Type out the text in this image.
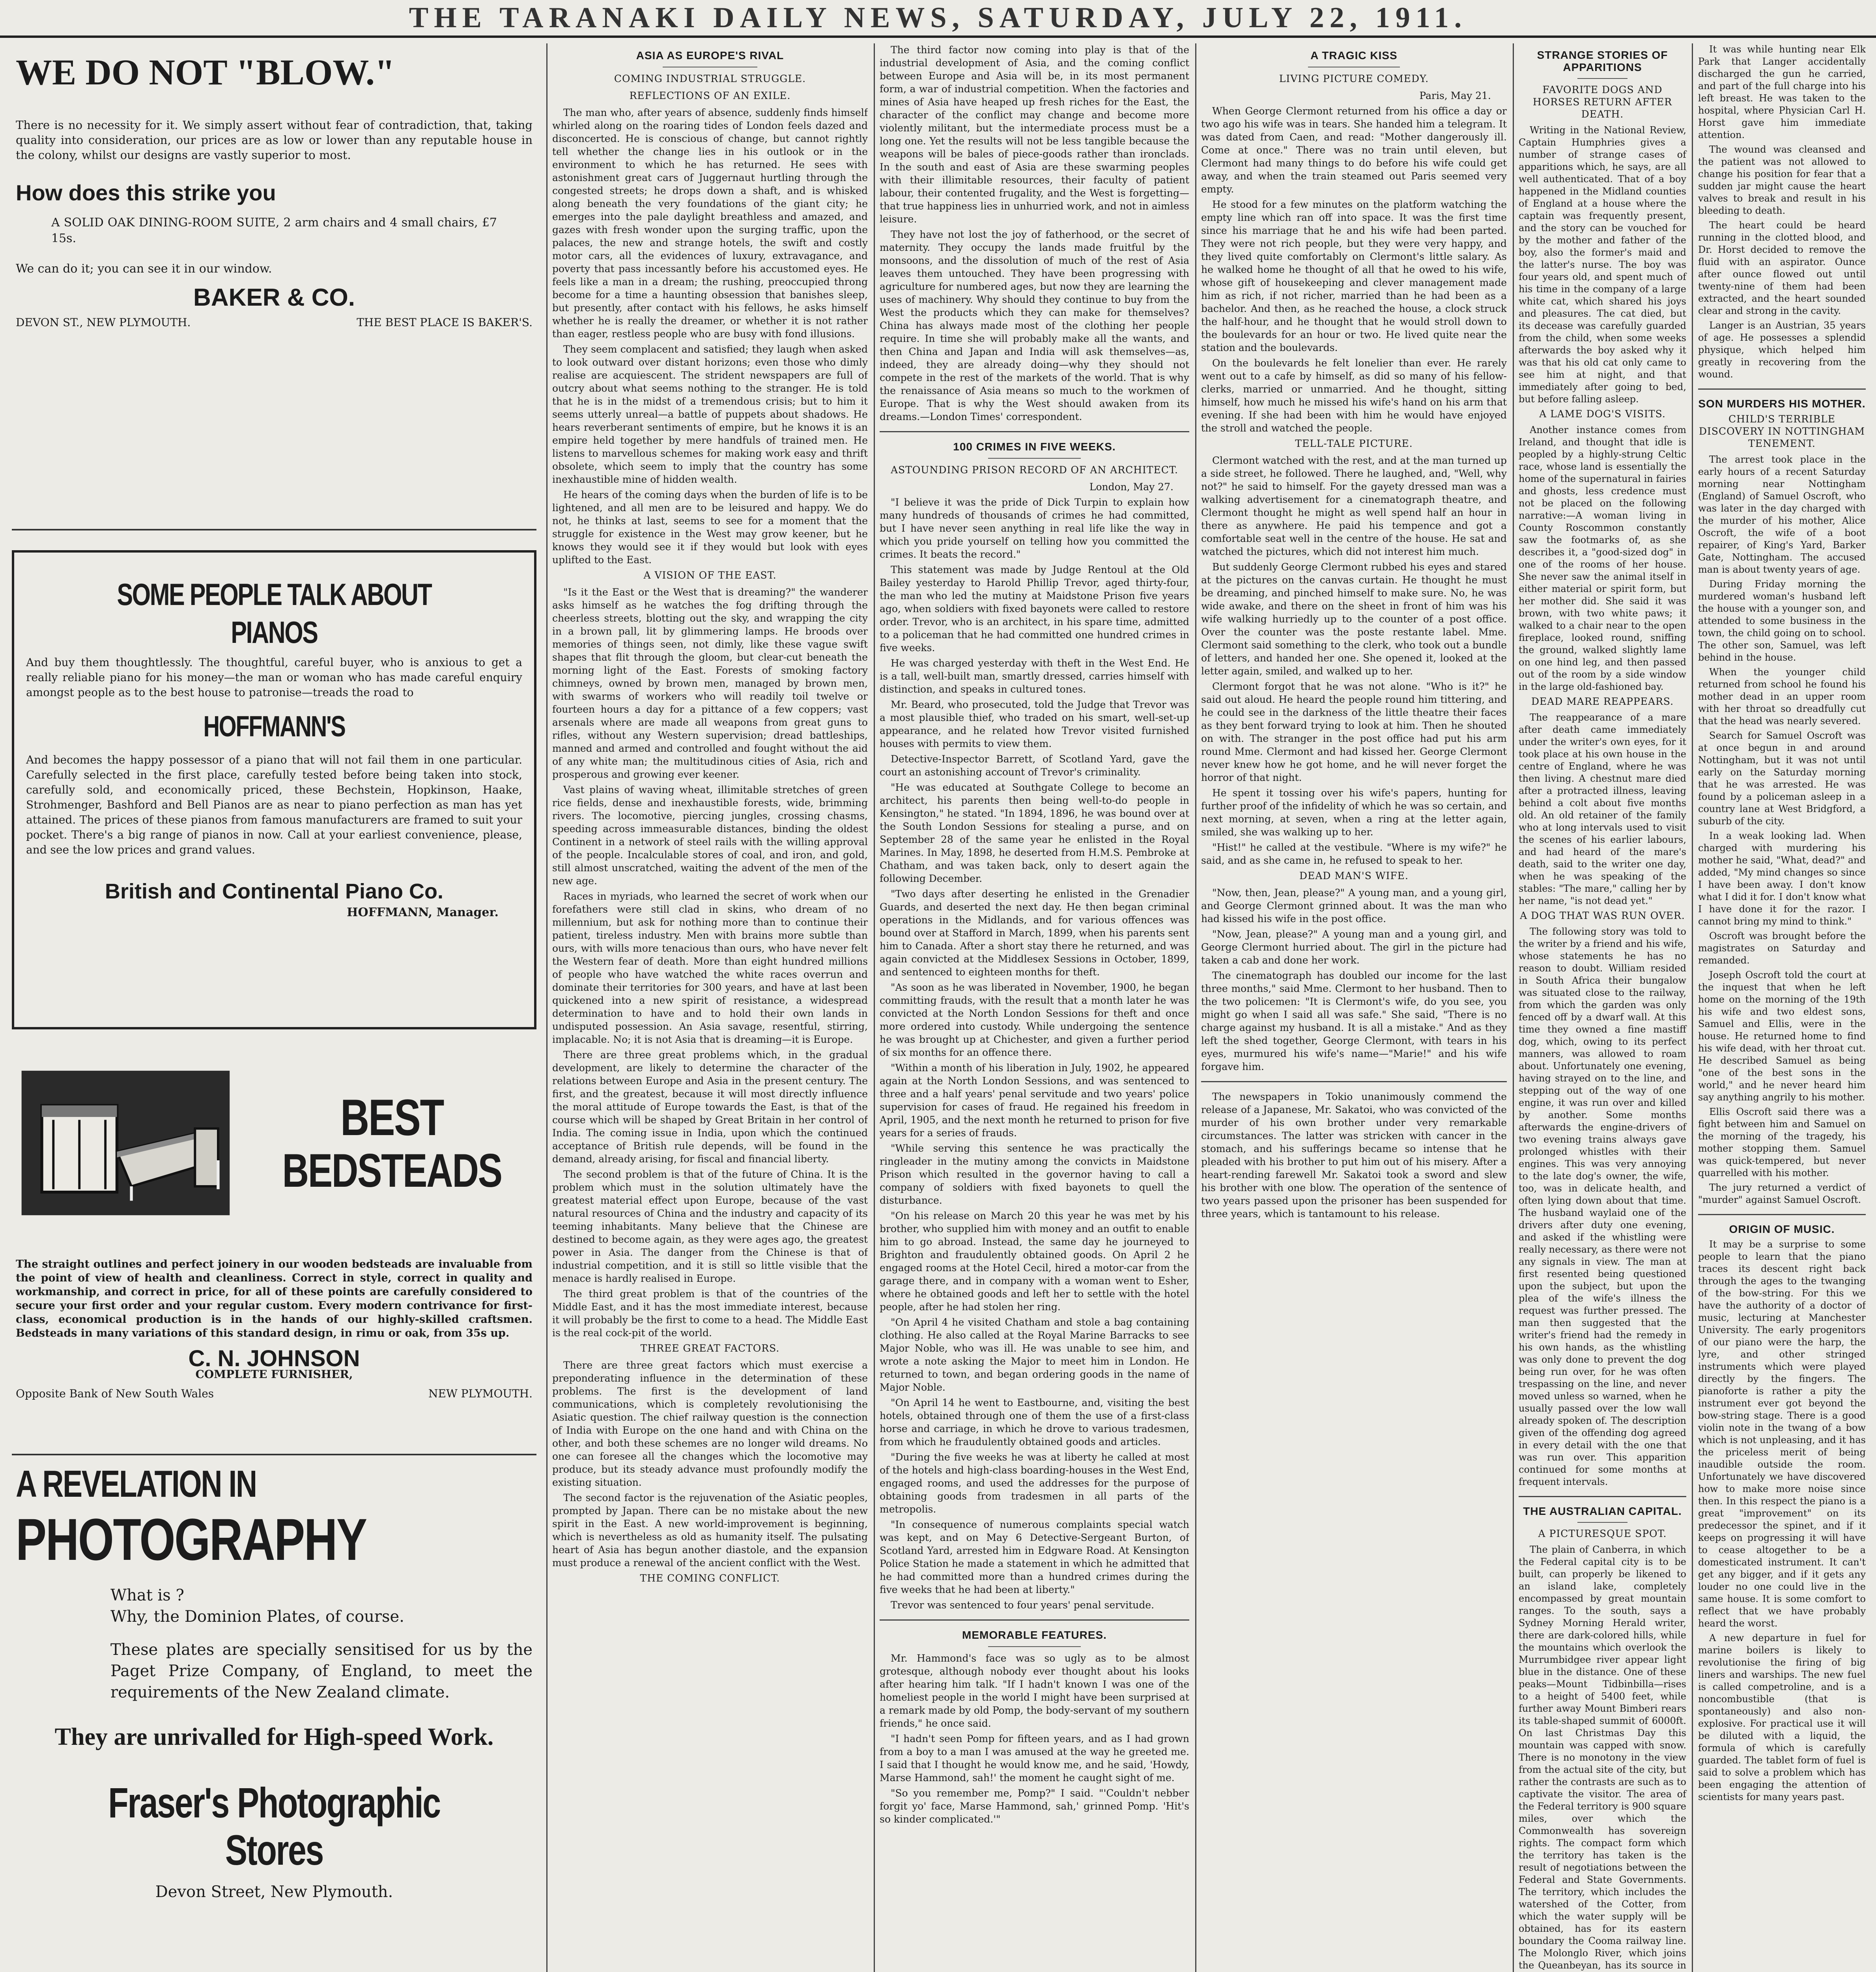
THE TARANAKI DAILY NEWS, SATURDAY, JULY 22, 1911.
WE DO NOT "BLOW."
There is no necessity for it. We simply assert without fear of contradiction, that, taking quality into consideration, our prices are as low or lower than any reputable house in the colony, whilst our designs are vastly superior to most.
How does this strike you
A SOLID OAK DINING-ROOM SUITE, 2 arm chairs and 4 small chairs, £7 15s.
We can do it; you can see it in our window.
BAKER & CO.
DEVON ST., NEW PLYMOUTH.	THE BEST PLACE IS BAKER'S.
SOME PEOPLE TALK ABOUT PIANOS
And buy them thoughtlessly. The thoughtful, careful buyer, who is anxious to get a really reliable piano for his money—the man or woman who has made careful enquiry amongst people as to the best house to patronise—treads the road to
HOFFMANN'S
And becomes the happy possessor of a piano that will not fail them in one particular. Carefully selected in the first place, carefully tested before being taken into stock, carefully sold, and economically priced, these Bechstein, Hopkinson, Haake, Strohmenger, Bashford and Bell Pianos are as near to piano perfection as man has yet attained. The prices of these pianos from famous manufacturers are framed to suit your pocket. There's a big range of pianos in now. Call at your earliest convenience, please, and see the low prices and grand values.
British and Continental Piano Co.
HOFFMANN, Manager.
BEST
BEDSTEADS
The straight outlines and perfect joinery in our wooden bedsteads are invaluable from the point of view of health and cleanliness. Correct in style, correct in quality and workmanship, and correct in price, for all of these points are carefully considered to secure your first order and your regular custom. Every modern contrivance for first-class, economical production is in the hands of our highly-skilled craftsmen. Bedsteads in many variations of this standard design, in rimu or oak, from 35s up.
C. N. JOHNSON
COMPLETE FURNISHER,
Opposite Bank of New South Wales	NEW PLYMOUTH.
A REVELATION IN
PHOTOGRAPHY
What is ?
Why, the Dominion Plates, of course.
These plates are specially sensitised for us by the Paget Prize Company, of England, to meet the requirements of the New Zealand climate.
They are unrivalled for High-speed Work.
Fraser's Photographic Stores
Devon Street, New Plymouth.
ASIA AS EUROPE'S RIVAL
COMING INDUSTRIAL STRUGGLE.
REFLECTIONS OF AN EXILE.

The man who, after years of absence, suddenly finds himself whirled along on the roaring tides of London feels dazed and disconcerted. He is conscious of change, but cannot rightly tell whether the change lies in his outlook or in the environment to which he has returned. He sees with astonishment great cars of Juggernaut hurtling through the congested streets; he drops down a shaft, and is whisked along beneath the very foundations of the giant city; he emerges into the pale daylight breathless and amazed, and gazes with fresh wonder upon the surging traffic, upon the palaces, the new and strange hotels, the swift and costly motor cars, all the evidences of luxury, extravagance, and poverty that pass incessantly before his accustomed eyes. He feels like a man in a dream; the rushing, preoccupied throng become for a time a haunting obsession that banishes sleep, but presently, after contact with his fellows, he asks himself whether he is really the dreamer, or whether it is not rather than eager, restless people who are busy with fond illusions.

They seem complacent and satisfied; they laugh when asked to look outward over distant horizons; even those who dimly realise are acquiescent. The strident newspapers are full of outcry about what seems nothing to the stranger. He is told that he is in the midst of a tremendous crisis; but to him it seems utterly unreal—a battle of puppets about shadows. He hears reverberant sentiments of empire, but he knows it is an empire held together by mere handfuls of trained men. He listens to marvellous schemes for making work easy and thrift obsolete, which seem to imply that the country has some inexhaustible mine of hidden wealth.

He hears of the coming days when the burden of life is to be lightened, and all men are to be leisured and happy. We do not, he thinks at last, seems to see for a moment that the struggle for existence in the West may grow keener, but he knows they would see it if they would but look with eyes uplifted to the East.

A VISION OF THE EAST.

"Is it the East or the West that is dreaming?" the wanderer asks himself as he watches the fog drifting through the cheerless streets, blotting out the sky, and wrapping the city in a brown pall, lit by glimmering lamps. He broods over memories of things seen, not dimly, like these vague swift shapes that flit through the gloom, but clear-cut beneath the morning light of the East. Forests of smoking factory chimneys, owned by brown men, managed by brown men, with swarms of workers who will readily toil twelve or fourteen hours a day for a pittance of a few coppers; vast arsenals where are made all weapons from great guns to rifles, without any Western supervision; dread battleships, manned and armed and controlled and fought without the aid of any white man; the multitudinous cities of Asia, rich and prosperous and growing ever keener.

Vast plains of waving wheat, illimitable stretches of green rice fields, dense and inexhaustible forests, wide, brimming rivers. The locomotive, piercing jungles, crossing chasms, speeding across immeasurable distances, binding the oldest Continent in a network of steel rails with the willing approval of the people. Incalculable stores of coal, and iron, and gold, still almost unscratched, waiting the advent of the men of the new age.

Races in myriads, who learned the secret of work when our forefathers were still clad in skins, who dream of no millennium, but ask for nothing more than to continue their patient, tireless industry. Men with brains more subtle than ours, with wills more tenacious than ours, who have never felt the Western fear of death. More than eight hundred millions of people who have watched the white races overrun and dominate their territories for 300 years, and have at last been quickened into a new spirit of resistance, a widespread determination to have and to hold their own lands in undisputed possession. An Asia savage, resentful, stirring, implacable. No; it is not Asia that is dreaming—it is Europe.

There are three great problems which, in the gradual development, are likely to determine the character of the relations between Europe and Asia in the present century. The first, and the greatest, because it will most directly influence the moral attitude of Europe towards the East, is that of the course which will be shaped by Great Britain in her control of India. The coming issue in India, upon which the continued acceptance of British rule depends, will be found in the demand, already arising, for fiscal and financial liberty.

The second problem is that of the future of China. It is the problem which must in the solution ultimately have the greatest material effect upon Europe, because of the vast natural resources of China and the industry and capacity of its teeming inhabitants. Many believe that the Chinese are destined to become again, as they were ages ago, the greatest power in Asia. The danger from the Chinese is that of industrial competition, and it is still so little visible that the menace is hardly realised in Europe.

The third great problem is that of the countries of the Middle East, and it has the most immediate interest, because it will probably be the first to come to a head. The Middle East is the real cock-pit of the world.

THREE GREAT FACTORS.

There are three great factors which must exercise a preponderating influence in the determination of these problems. The first is the development of land communications, which is completely revolutionising the Asiatic question. The chief railway question is the connection of India with Europe on the one hand and with China on the other, and both these schemes are no longer wild dreams. No one can foresee all the changes which the locomotive may produce, but its steady advance must profoundly modify the existing situation.

The second factor is the rejuvenation of the Asiatic peoples, prompted by Japan. There can be no mistake about the new spirit in the East. A new world-improvement is beginning, which is nevertheless as old as humanity itself. The pulsating heart of Asia has begun another diastole, and the expansion must produce a renewal of the ancient conflict with the West.

THE COMING CONFLICT.

The third factor now coming into play is that of the industrial development of Asia, and the coming conflict between Europe and Asia will be, in its most permanent form, a war of industrial competition. When the factories and mines of Asia have heaped up fresh riches for the East, the character of the conflict may change and become more violently militant, but the intermediate process must be a long one. Yet the results will not be less tangible because the weapons will be bales of piece-goods rather than ironclads. In the south and east of Asia are these swarming peoples with their illimitable resources, their faculty of patient labour, their contented frugality, and the West is forgetting—that true happiness lies in unhurried work, and not in aimless leisure.

They have not lost the joy of fatherhood, or the secret of maternity. They occupy the lands made fruitful by the monsoons, and the dissolution of much of the rest of Asia leaves them untouched. They have been progressing with agriculture for numbered ages, but now they are learning the uses of machinery. Why should they continue to buy from the West the products which they can make for themselves? China has always made most of the clothing her people require. In time she will probably make all the wants, and then China and Japan and India will ask themselves—as, indeed, they are already doing—why they should not compete in the rest of the markets of the world. That is why the renaissance of Asia means so much to the workmen of Europe. That is why the West should awaken from its dreams.—London Times' correspondent.

100 CRIMES IN FIVE WEEKS.
ASTOUNDING PRISON RECORD OF AN ARCHITECT.
London, May 27.

"I believe it was the pride of Dick Turpin to explain how many hundreds of thousands of crimes he had committed, but I have never seen anything in real life like the way in which you pride yourself on telling how you committed the crimes. It beats the record."

This statement was made by Judge Rentoul at the Old Bailey yesterday to Harold Phillip Trevor, aged thirty-four, the man who led the mutiny at Maidstone Prison five years ago, when soldiers with fixed bayonets were called to restore order. Trevor, who is an architect, in his spare time, admitted to a policeman that he had committed one hundred crimes in five weeks.

He was charged yesterday with theft in the West End. He is a tall, well-built man, smartly dressed, carries himself with distinction, and speaks in cultured tones.

Mr. Beard, who prosecuted, told the Judge that Trevor was a most plausible thief, who traded on his smart, well-set-up appearance, and he related how Trevor visited furnished houses with permits to view them.

Detective-Inspector Barrett, of Scotland Yard, gave the court an astonishing account of Trevor's criminality.

"He was educated at Southgate College to become an architect, his parents then being well-to-do people in Kensington," he stated. "In 1894, 1896, he was bound over at the South London Sessions for stealing a purse, and on September 28 of the same year he enlisted in the Royal Marines. In May, 1898, he deserted from H.M.S. Pembroke at Chatham, and was taken back, only to desert again the following December.

"Two days after deserting he enlisted in the Grenadier Guards, and deserted the next day. He then began criminal operations in the Midlands, and for various offences was bound over at Stafford in March, 1899, when his parents sent him to Canada. After a short stay there he returned, and was again convicted at the Middlesex Sessions in October, 1899, and sentenced to eighteen months for theft.

"As soon as he was liberated in November, 1900, he began committing frauds, with the result that a month later he was convicted at the North London Sessions for theft and once more ordered into custody. While undergoing the sentence he was brought up at Chichester, and given a further period of six months for an offence there.

"Within a month of his liberation in July, 1902, he appeared again at the North London Sessions, and was sentenced to three and a half years' penal servitude and two years' police supervision for cases of fraud. He regained his freedom in April, 1905, and the next month he returned to prison for five years for a series of frauds.

"While serving this sentence he was practically the ringleader in the mutiny among the convicts in Maidstone Prison which resulted in the governor having to call a company of soldiers with fixed bayonets to quell the disturbance.

"On his release on March 20 this year he was met by his brother, who supplied him with money and an outfit to enable him to go abroad. Instead, the same day he journeyed to Brighton and fraudulently obtained goods. On April 2 he engaged rooms at the Hotel Cecil, hired a motor-car from the garage there, and in company with a woman went to Esher, where he obtained goods and left her to settle with the hotel people, after he had stolen her ring.

"On April 4 he visited Chatham and stole a bag containing clothing. He also called at the Royal Marine Barracks to see Major Noble, who was ill. He was unable to see him, and wrote a note asking the Major to meet him in London. He returned to town, and began ordering goods in the name of Major Noble.

"On April 14 he went to Eastbourne, and, visiting the best hotels, obtained through one of them the use of a first-class horse and carriage, in which he drove to various tradesmen, from which he fraudulently obtained goods and articles.

"During the five weeks he was at liberty he called at most of the hotels and high-class boarding-houses in the West End, engaged rooms, and used the addresses for the purpose of obtaining goods from tradesmen in all parts of the metropolis.

"In consequence of numerous complaints special watch was kept, and on May 6 Detective-Sergeant Burton, of Scotland Yard, arrested him in Edgware Road. At Kensington Police Station he made a statement in which he admitted that he had committed more than a hundred crimes during the five weeks that he had been at liberty."

Trevor was sentenced to four years' penal servitude.

MEMORABLE FEATURES.

Mr. Hammond's face was so ugly as to be almost grotesque, although nobody ever thought about his looks after hearing him talk. "If I hadn't known I was one of the homeliest people in the world I might have been surprised at a remark made by old Pomp, the body-servant of my southern friends," he once said.

"I hadn't seen Pomp for fifteen years, and as I had grown from a boy to a man I was amused at the way he greeted me. I said that I thought he would know me, and he said, 'Howdy, Marse Hammond, sah!' the moment he caught sight of me.

"So you remember me, Pomp?" I said. "'Couldn't nebber forgit yo' face, Marse Hammond, sah,' grinned Pomp. 'Hit's so kinder complicated.'"

A TRAGIC KISS
LIVING PICTURE COMEDY.
Paris, May 21.

When George Clermont returned from his office a day or two ago his wife was in tears. She handed him a telegram. It was dated from Caen, and read: "Mother dangerously ill. Come at once." There was no train until eleven, but Clermont had many things to do before his wife could get away, and when the train steamed out Paris seemed very empty.

He stood for a few minutes on the platform watching the empty line which ran off into space. It was the first time since his marriage that he and his wife had been parted. They were not rich people, but they were very happy, and they lived quite comfortably on Clermont's little salary. As he walked home he thought of all that he owed to his wife, whose gift of housekeeping and clever management made him as rich, if not richer, married than he had been as a bachelor. And then, as he reached the house, a clock struck the half-hour, and he thought that he would stroll down to the boulevards for an hour or two. He lived quite near the station and the boulevards.

On the boulevards he felt lonelier than ever. He rarely went out to a cafe by himself, as did so many of his fellow-clerks, married or unmarried. And he thought, sitting himself, how much he missed his wife's hand on his arm that evening. If she had been with him he would have enjoyed the stroll and watched the people.

TELL-TALE PICTURE.

Clermont watched with the rest, and at the man turned up a side street, he followed. There he laughed, and, "Well, why not?" he said to himself. For the gayety dressed man was a walking advertisement for a cinematograph theatre, and Clermont thought he might as well spend half an hour in there as anywhere. He paid his tempence and got a comfortable seat well in the centre of the house. He sat and watched the pictures, which did not interest him much.

But suddenly George Clermont rubbed his eyes and stared at the pictures on the canvas curtain. He thought he must be dreaming, and pinched himself to make sure. No, he was wide awake, and there on the sheet in front of him was his wife walking hurriedly up to the counter of a post office. Over the counter was the poste restante label. Mme. Clermont said something to the clerk, who took out a bundle of letters, and handed her one. She opened it, looked at the letter again, smiled, and walked up to her.

Clermont forgot that he was not alone. "Who is it?" he said out aloud. He heard the people round him tittering, and he could see in the darkness of the little theatre their faces as they bent forward trying to look at him. Then he shouted on with. The stranger in the post office had put his arm round Mme. Clermont and had kissed her. George Clermont never knew how he got home, and he will never forget the horror of that night.

He spent it tossing over his wife's papers, hunting for further proof of the infidelity of which he was so certain, and next morning, at seven, when a ring at the letter again, smiled, she was walking up to her.

"Hist!" he called at the vestibule. "Where is my wife?" he said, and as she came in, he refused to speak to her.

DEAD MAN'S WIFE.

"Now, then, Jean, please?" A young man, and a young girl, and George Clermont grinned about. It was the man who had kissed his wife in the post office.

"Now, Jean, please?" A young man and a young girl, and George Clermont hurried about. The girl in the picture had taken a cab and done her work.

The cinematograph has doubled our income for the last three months," said Mme. Clermont to her husband. Then to the two policemen: "It is Clermont's wife, do you see, you might go when I said all was safe." She said, "There is no charge against my husband. It is all a mistake." And as they left the shed together, George Clermont, with tears in his eyes, murmured his wife's name—"Marie!" and his wife forgave him.

The newspapers in Tokio unanimously commend the release of a Japanese, Mr. Sakatoi, who was convicted of the murder of his own brother under very remarkable circumstances. The latter was stricken with cancer in the stomach, and his sufferings became so intense that he pleaded with his brother to put him out of his misery. After a heart-rending farewell Mr. Sakatoi took a sword and slew his brother with one blow. The operation of the sentence of two years passed upon the prisoner has been suspended for three years, which is tantamount to his release.

STRANGE STORIES OF APPARITIONS
FAVORITE DOGS AND HORSES RETURN AFTER DEATH.

Writing in the National Review, Captain Humphries gives a number of strange cases of apparitions which, he says, are all well authenticated. That of a boy happened in the Midland counties of England at a house where the captain was frequently present, and the story can be vouched for by the mother and father of the boy, also the former's maid and the latter's nurse. The boy was four years old, and spent much of his time in the company of a large white cat, which shared his joys and pleasures. The cat died, but its decease was carefully guarded from the child, when some weeks afterwards the boy asked why it was that his old cat only came to see him at night, and that immediately after going to bed, but before falling asleep.

A LAME DOG'S VISITS.

Another instance comes from Ireland, and thought that idle is peopled by a highly-strung Celtic race, whose land is essentially the home of the supernatural in fairies and ghosts, less credence must not be placed on the following narrative:—A woman living in County Roscommon constantly saw the footmarks of, as she describes it, a "good-sized dog" in one of the rooms of her house. She never saw the animal itself in either material or spirit form, but her mother did. She said it was brown, with two white paws; it walked to a chair near to the open fireplace, looked round, sniffing the ground, walked slightly lame on one hind leg, and then passed out of the room by a side window in the large old-fashioned bay.

DEAD MARE REAPPEARS.

The reappearance of a mare after death came immediately under the writer's own eyes, for it took place at his own house in the centre of England, where he was then living. A chestnut mare died after a protracted illness, leaving behind a colt about five months old. An old retainer of the family who at long intervals used to visit the scenes of his earlier labours, and had heard of the mare's death, said to the writer one day, when he was speaking of the stables: "The mare," calling her by her name, "is not dead yet."

A DOG THAT WAS RUN OVER.

The following story was told to the writer by a friend and his wife, whose statements he has no reason to doubt. William resided in South Africa their bungalow was situated close to the railway, from which the garden was only fenced off by a dwarf wall. At this time they owned a fine mastiff dog, which, owing to its perfect manners, was allowed to roam about. Unfortunately one evening, having strayed on to the line, and stepping out of the way of one engine, it was run over and killed by another. Some months afterwards the engine-drivers of two evening trains always gave prolonged whistles with their engines. This was very annoying to the late dog's owner, the wife, too, was in delicate health, and often lying down about that time. The husband waylaid one of the drivers after duty one evening, and asked if the whistling were really necessary, as there were not any signals in view. The man at first resented being questioned upon the subject, but upon the plea of the wife's illness the request was further pressed. The man then suggested that the writer's friend had the remedy in his own hands, as the whistling was only done to prevent the dog being run over, for he was often trespassing on the line, and never moved unless so warned, when he usually passed over the low wall already spoken of. The description given of the offending dog agreed in every detail with the one that was run over. This apparition continued for some months at frequent intervals.

THE AUSTRALIAN CAPITAL.
A PICTURESQUE SPOT.

The plain of Canberra, in which the Federal capital city is to be built, can properly be likened to an island lake, completely encompassed by great mountain ranges. To the south, says a Sydney Morning Herald writer, there are dark-colored hills, while the mountains which overlook the Murrumbidgee river appear light blue in the distance. One of these peaks—Mount Tidbinbilla—rises to a height of 5400 feet, while further away Mount Bimberi rears its table-shaped summit of 6000ft. On last Christmas Day this mountain was capped with snow. There is no monotony in the view from the actual site of the city, but rather the contrasts are such as to captivate the visitor. The area of the Federal territory is 900 square miles, over which the Commonwealth has sovereign rights. The compact form which the territory has taken is the result of negotiations between the Federal and State Governments. The territory, which includes the watershed of the Cotter, from which the water supply will be obtained, has for its eastern boundary the Cooma railway line. The Molonglo River, which joins the Queanbeyan, has its source in

It was while hunting near Elk Park that Langer accidentally discharged the gun he carried, and part of the full charge into his left breast. He was taken to the hospital, where Physician Carl H. Horst gave him immediate attention.

The wound was cleansed and the patient was not allowed to change his position for fear that a sudden jar might cause the heart valves to break and result in his bleeding to death.

The heart could be heard running in the clotted blood, and Dr. Horst decided to remove the fluid with an aspirator. Ounce after ounce flowed out until twenty-nine of them had been extracted, and the heart sounded clear and strong in the cavity.

Langer is an Austrian, 35 years of age. He possesses a splendid physique, which helped him greatly in recovering from the wound.

SON MURDERS HIS MOTHER.
CHILD'S TERRIBLE DISCOVERY IN NOTTINGHAM TENEMENT.

The arrest took place in the early hours of a recent Saturday morning near Nottingham (England) of Samuel Oscroft, who was later in the day charged with the murder of his mother, Alice Oscroft, the wife of a boot repairer, of King's Yard, Barker Gate, Nottingham. The accused man is about twenty years of age.

During Friday morning the murdered woman's husband left the house with a younger son, and attended to some business in the town, the child going on to school. The other son, Samuel, was left behind in the house.

When the younger child returned from school he found his mother dead in an upper room with her throat so dreadfully cut that the head was nearly severed.

Search for Samuel Oscroft was at once begun in and around Nottingham, but it was not until early on the Saturday morning that he was arrested. He was found by a policeman asleep in a country lane at West Bridgford, a suburb of the city.

In a weak looking lad. When charged with murdering his mother he said, "What, dead?" and added, "My mind changes so since I have been away. I don't know what I did it for. I don't know what I have done it for the razor. I cannot bring my mind to think."

Oscroft was brought before the magistrates on Saturday and remanded.

Joseph Oscroft told the court at the inquest that when he left home on the morning of the 19th his wife and two eldest sons, Samuel and Ellis, were in the house. He returned home to find his wife dead, with her throat cut. He described Samuel as being "one of the best sons in the world," and he never heard him say anything angrily to his mother.

Ellis Oscroft said there was a fight between him and Samuel on the morning of the tragedy, his mother stopping them. Samuel was quick-tempered, but never quarrelled with his mother.

The jury returned a verdict of "murder" against Samuel Oscroft.

ORIGIN OF MUSIC.

It may be a surprise to some people to learn that the piano traces its descent right back through the ages to the twanging of the bow-string. For this we have the authority of a doctor of music, lecturing at Manchester University. The early progenitors of our piano were the harp, the lyre, and other stringed instruments which were played directly by the fingers. The pianoforte is rather a pity the instrument ever got beyond the bow-string stage. There is a good violin note in the twang of a bow which is not unpleasing, and it has the priceless merit of being inaudible outside the room. Unfortunately we have discovered how to make more noise since then. In this respect the piano is a great "improvement" on its predecessor the spinet, and if it keeps on progressing it will have to cease altogether to be a domesticated instrument. It can't get any bigger, and if it gets any louder no one could live in the same house. It is some comfort to reflect that we have probably heard the worst.

A new departure in fuel for marine boilers is likely to revolutionise the firing of big liners and warships. The new fuel is called competroline, and is a noncombustible (that is spontaneously) and also non-explosive. For practical use it will be diluted with a liquid, the formula of which is carefully guarded. The tablet form of fuel is said to solve a problem which has been engaging the attention of scientists for many years past.
